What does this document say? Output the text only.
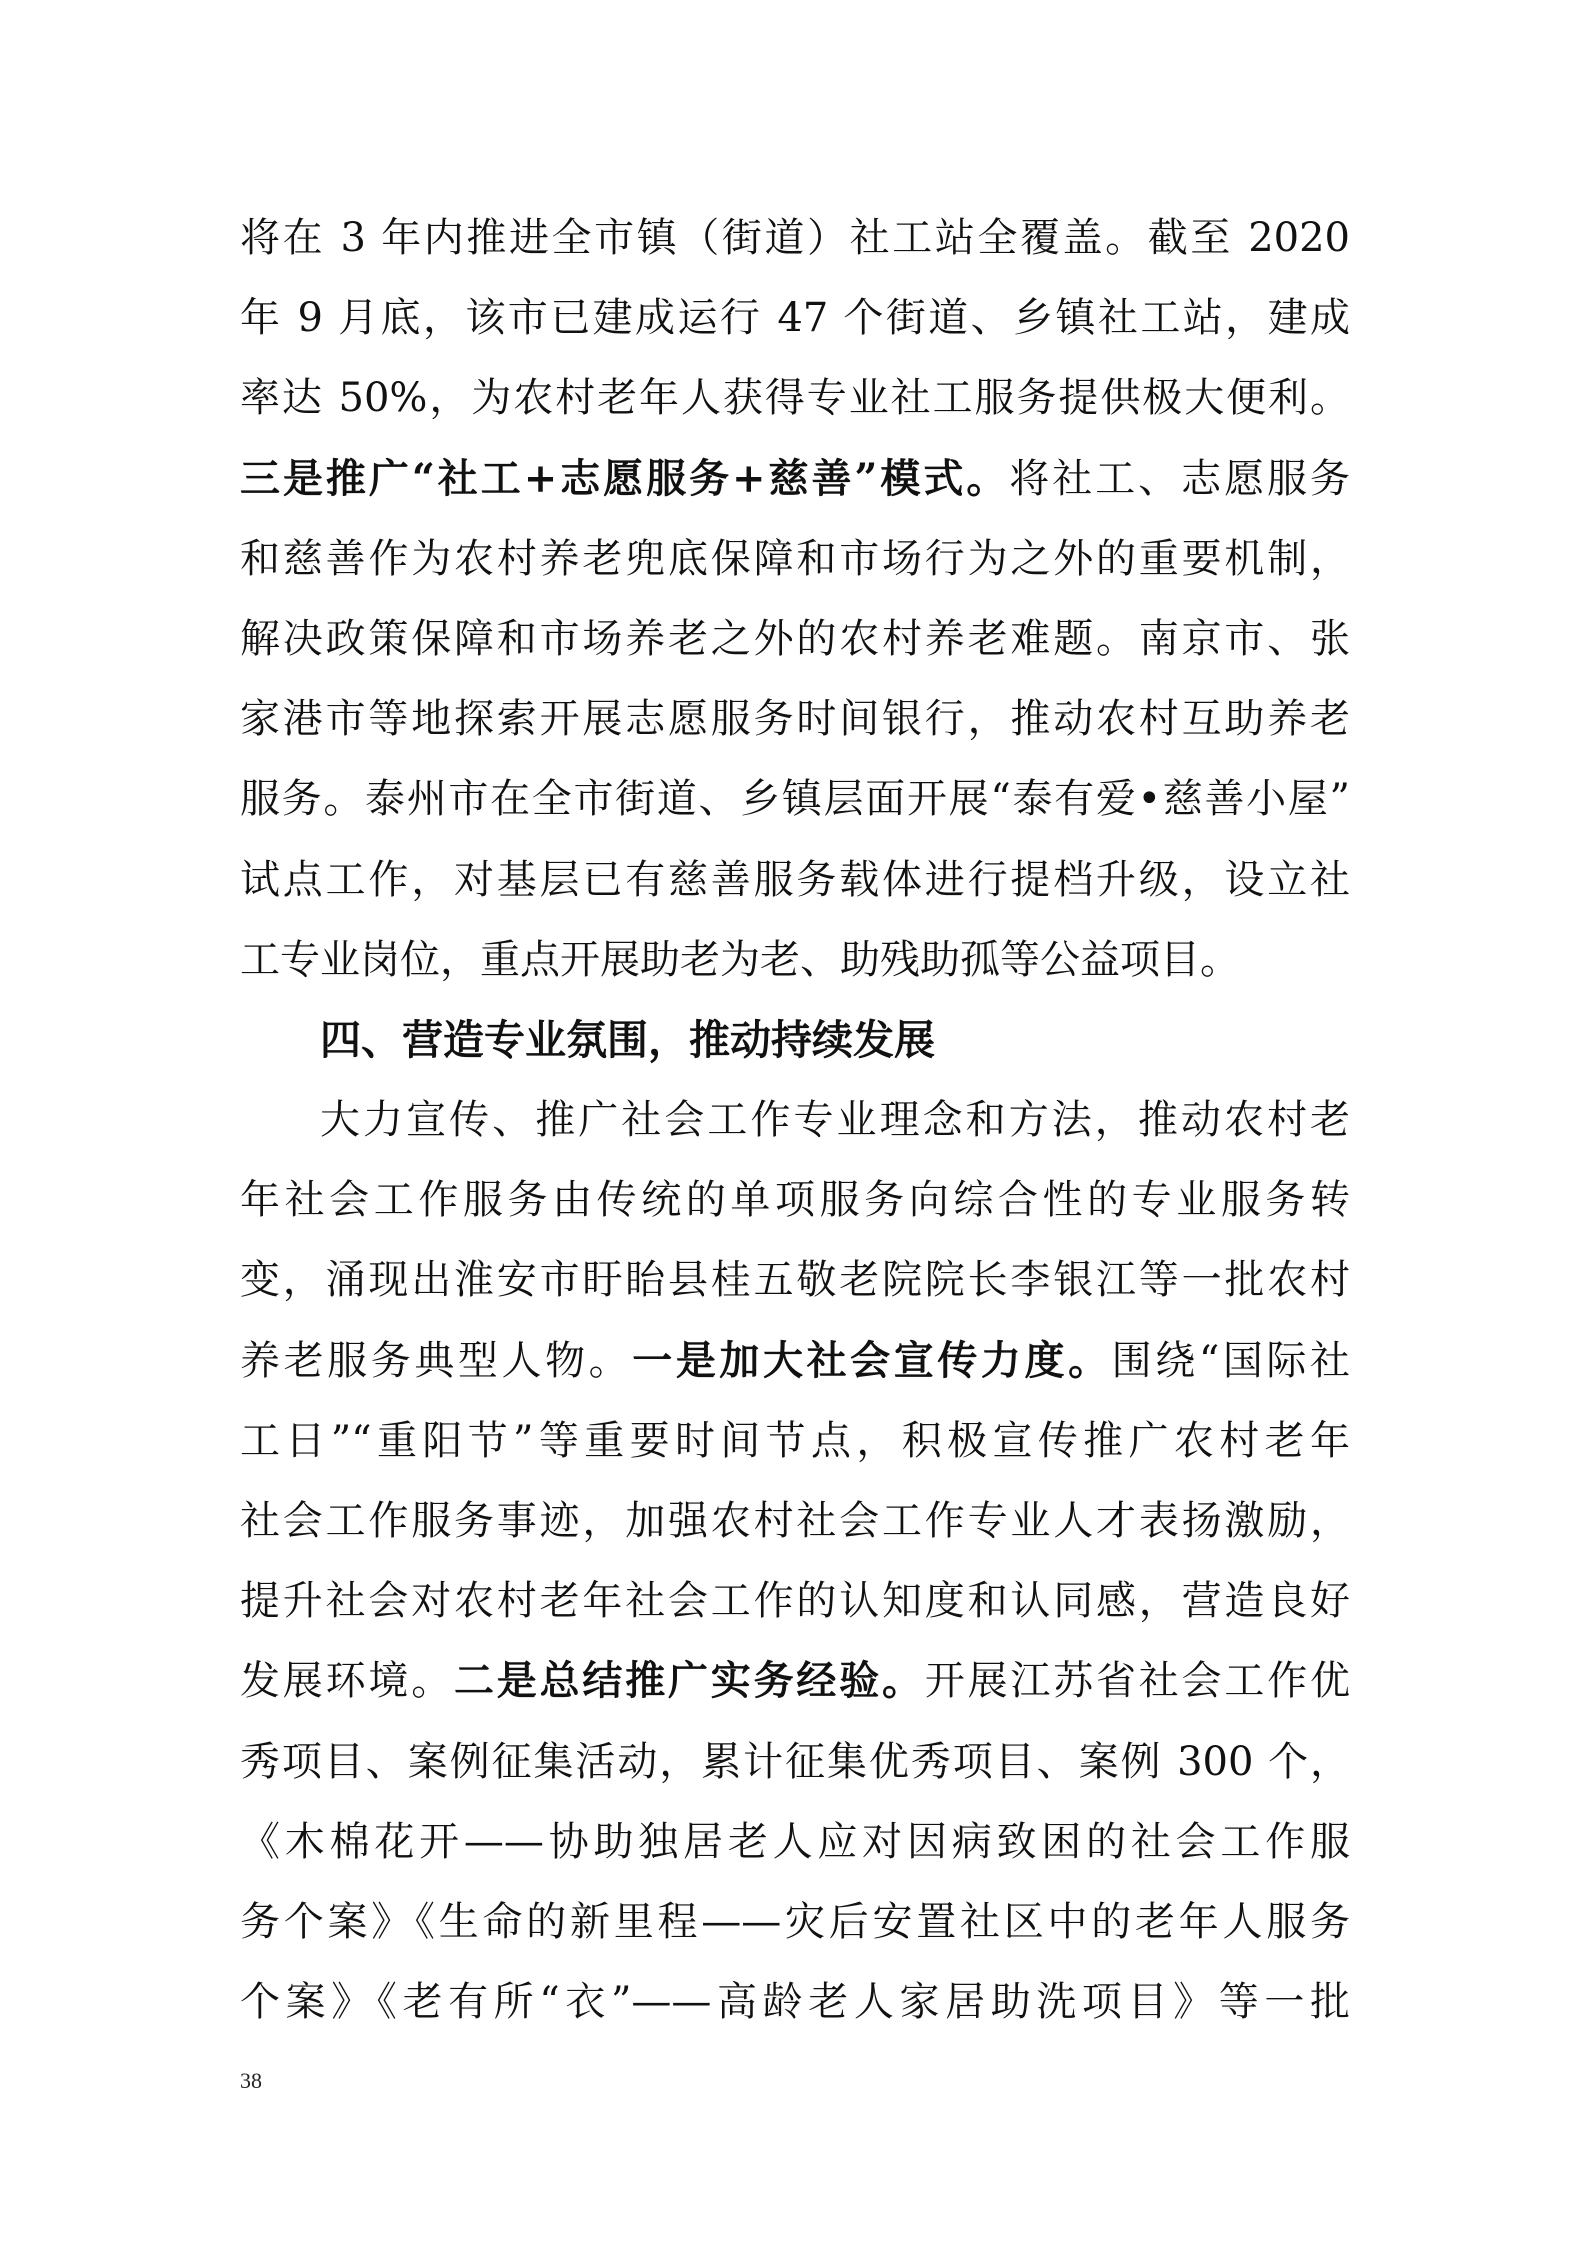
将在 3 年内推进全市镇（街道）社工站全覆盖。截至 2020
年 9 月底，该市已建成运行 47 个街道、乡镇社工站，建成
率达 50%，为农村老年人获得专业社工服务提供极大便利。
三是推广“社工+志愿服务+慈善”模式。将社工、志愿服务
和慈善作为农村养老兜底保障和市场行为之外的重要机制，
解决政策保障和市场养老之外的农村养老难题。南京市、张
家港市等地探索开展志愿服务时间银行，推动农村互助养老
服务。泰州市在全市街道、乡镇层面开展“泰有爱•慈善小屋”
试点工作，对基层已有慈善服务载体进行提档升级，设立社
工专业岗位，重点开展助老为老、助残助孤等公益项目。
四、营造专业氛围，推动持续发展
大力宣传、推广社会工作专业理念和方法，推动农村老
年社会工作服务由传统的单项服务向综合性的专业服务转
变，涌现出淮安市盱眙县桂五敬老院院长李银江等一批农村
养老服务典型人物。一是加大社会宣传力度。围绕“国际社
工日”“重阳节”等重要时间节点，积极宣传推广农村老年
社会工作服务事迹，加强农村社会工作专业人才表扬激励，
提升社会对农村老年社会工作的认知度和认同感，营造良好
发展环境。二是总结推广实务经验。开展江苏省社会工作优
秀项目、案例征集活动，累计征集优秀项目、案例 300 个，
《木棉花开——协助独居老人应对因病致困的社会工作服
务个案》《生命的新里程——灾后安置社区中的老年人服务
个案》《老有所“衣”——高龄老人家居助洗项目》等一批
38
